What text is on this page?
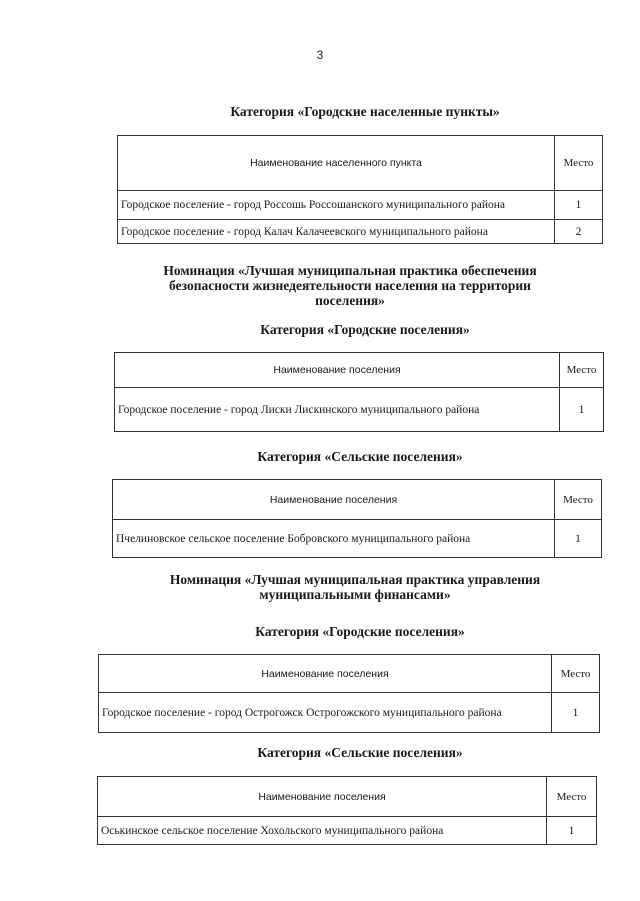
3
Категория «Городские населенные пункты»
Наименование населенного пункта	Место
Городское поселение - город Россошь Россошанского муниципального района	1
Городское поселение - город Калач Калачеевского муниципального района	2
Номинация «Лучшая муниципальная практика обеспечения безопасности жизнедеятельности населения на территории поселения»
Категория «Городские поселения»
Наименование поселения	Место
Городское поселение - город Лиски Лискинского муниципального района	1
Категория «Сельские поселения»
Наименование поселения	Место
Пчелиновское сельское поселение Бобровского муниципального района	1
Номинация «Лучшая муниципальная практика управления муниципальными финансами»
Категория «Городские поселения»
Наименование поселения	Место
Городское поселение - город Острогожск Острогожского муниципального района	1
Категория «Сельские поселения»
Наименование поселения	Место
Оськинское сельское поселение Хохольского муниципального района	1
